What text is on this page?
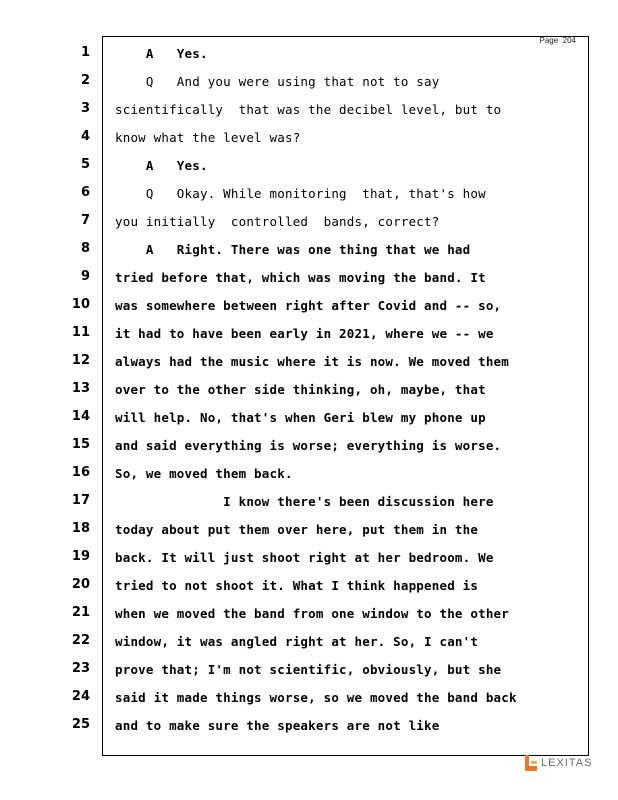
Page 204
1 A   Yes.
2 Q   And you were using that not to say
3 scientifically  that was the decibel level, but to
4 know what the level was?
5 A   Yes.
6 Q   Okay. While monitoring  that, that's how
7 you initially  controlled  bands, correct?
8 A   Right. There was one thing that we had
9 tried before that, which was moving the band. It
10 was somewhere between right after Covid and -- so,
11 it had to have been early in 2021, where we -- we
12 always had the music where it is now. We moved them
13 over to the other side thinking, oh, maybe, that
14 will help. No, that's when Geri blew my phone up
15 and said everything is worse; everything is worse.
16 So, we moved them back.
17 I know there's been discussion here
18 today about put them over here, put them in the
19 back. It will just shoot right at her bedroom. We
20 tried to not shoot it. What I think happened is
21 when we moved the band from one window to the other
22 window, it was angled right at her. So, I can't
23 prove that; I'm not scientific, obviously, but she
24 said it made things worse, so we moved the band back
25 and to make sure the speakers are not like
LEXITAS
